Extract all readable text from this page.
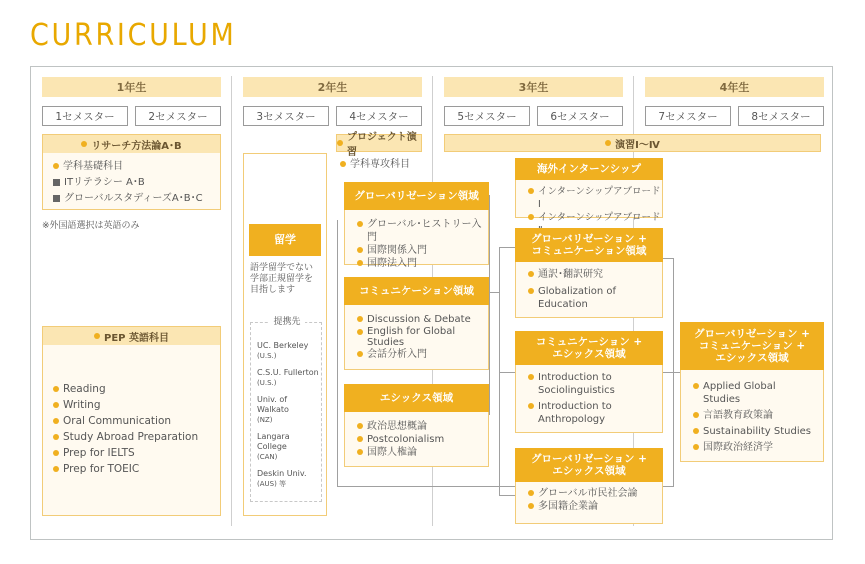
CURRICULUM
1年生	2年生	3年生	4年生
1セメスター	2セメスター	3セメスター	4セメスター	5セメスター	6セメスター	7セメスター	8セメスター
リサーチ方法論A･B
学科基礎科目
ITリテラシー A･B
グローバルスタディーズA･B･C
※外国語選択は英語のみ
PEP 英語科目
Reading
Writing
Oral Communication
Study Abroad Preparation
Prep for IELTS
Prep for TOEIC
留学
語学留学でない
学部正規留学を
目指します
提携先
UC. Berkeley
(U.S.)
C.S.U. Fullerton
(U.S.)
Univ. of
Walkato
(NZ)
Langara
College
(CAN)
Deskin Univ.
(AUS) 等
プロジェクト演習
学科専攻科目
演習Ⅰ〜Ⅳ
グローバリゼーション領域
グローバル･ヒストリー入門
国際関係入門
国際法入門
コミュニケーション領域
Discussion & Debate
English for Global Studies
会話分析入門
エシックス領域
政治思想概論
Postcolonialism
国際人権論
海外インターンシップ
インターンシップアブロードⅠ
インターンシップアブロード
グローバリゼーション +
コミュニケーション領域
通訳･翻訳研究
Globalization of Education
コミュニケーション +
エシックス領域
Introduction to Sociolinguistics
Introduction to Anthropology
グローバリゼーション +
エシックス領域
グローバル市民社会論
多国籍企業論
グローバリゼーション +
コミュニケーション +
エシックス領域
Applied Global Studies
言語教育政策論
Sustainability Studies
国際政治経済学
